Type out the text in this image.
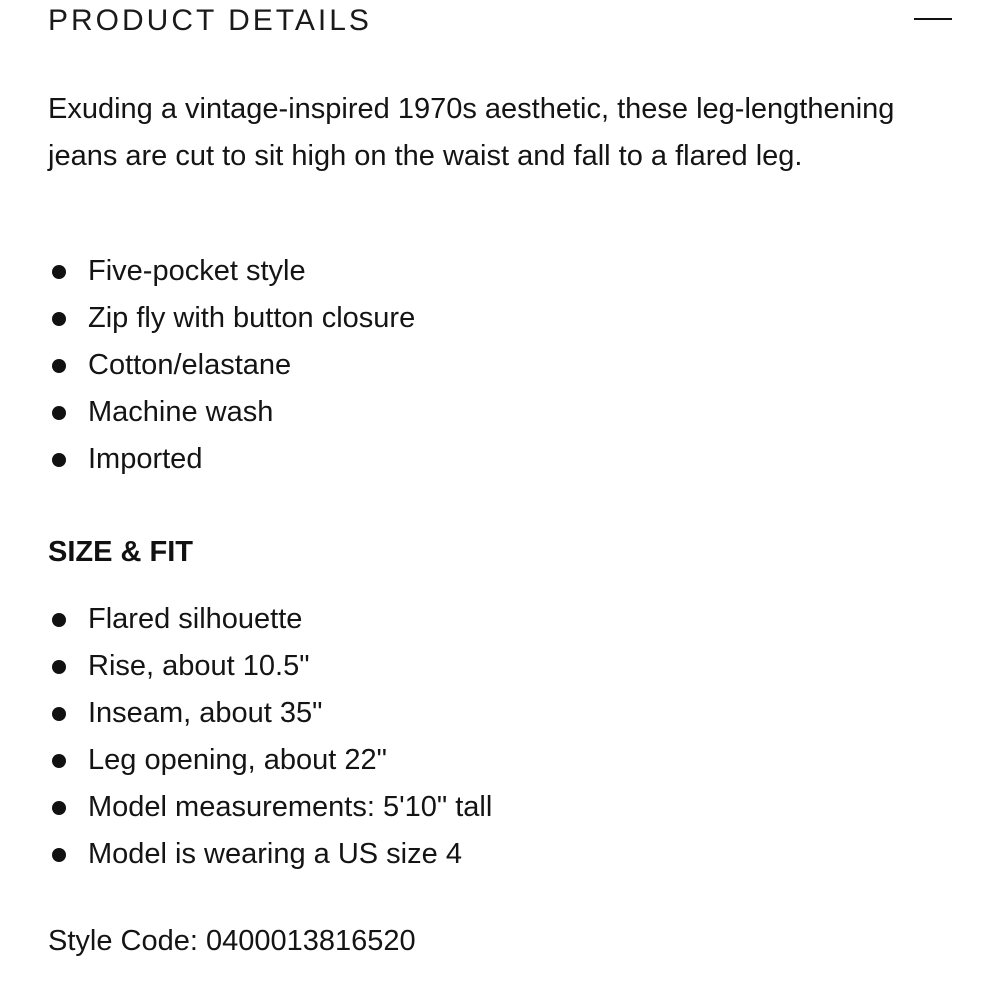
PRODUCT DETAILS

Exuding a vintage-inspired 1970s aesthetic, these leg-lengthening jeans are cut to sit high on the waist and fall to a flared leg.

Five-pocket style
Zip fly with button closure
Cotton/elastane
Machine wash
Imported
SIZE & FIT
Flared silhouette
Rise, about 10.5"
Inseam, about 35"
Leg opening, about 22"
Model measurements: 5'10" tall
Model is wearing a US size 4

Style Code: 0400013816520
